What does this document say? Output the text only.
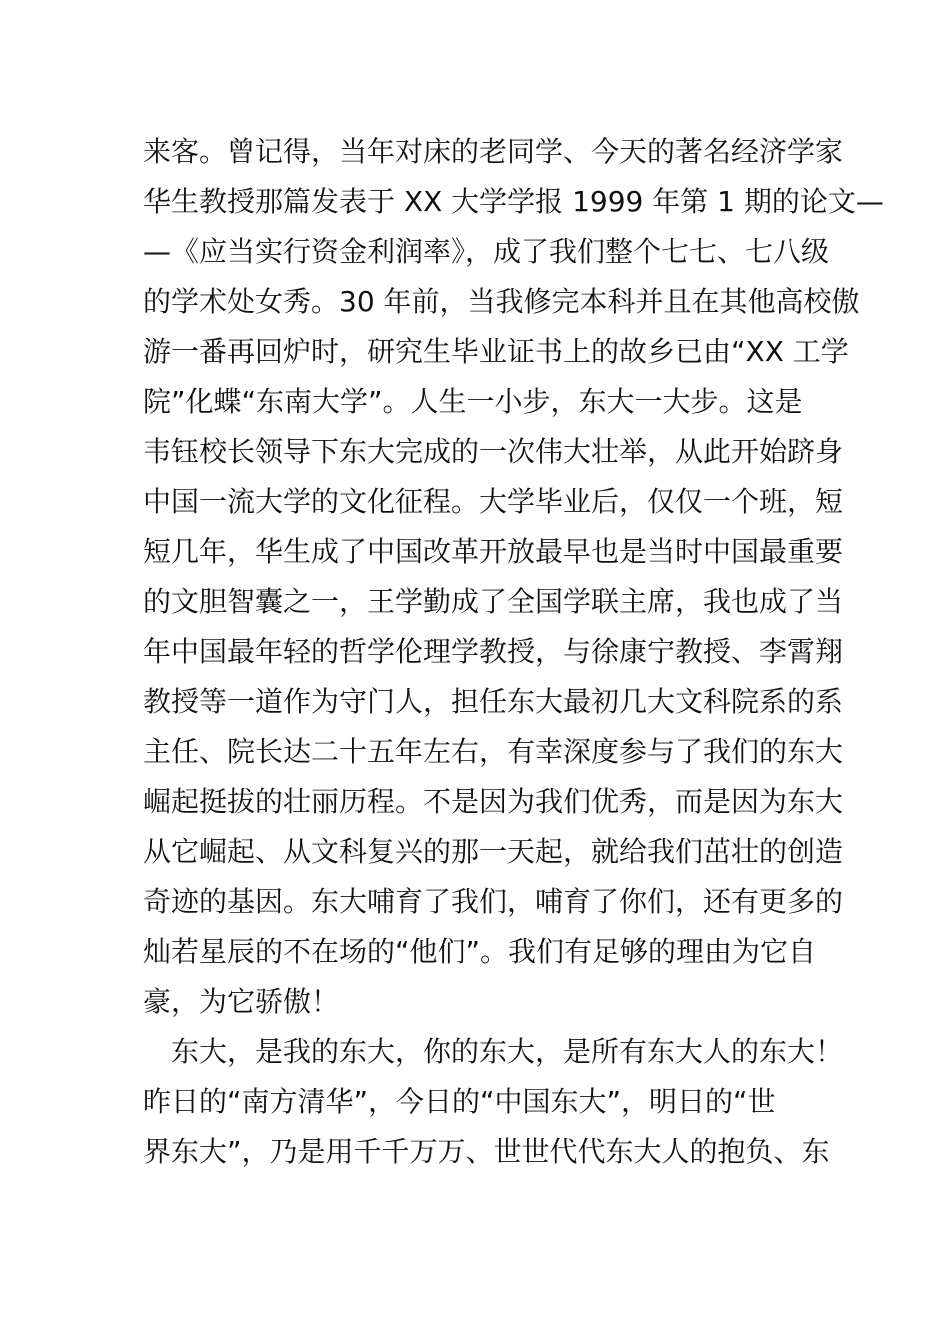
来客。曾记得，当年对床的老同学、今天的著名经济学家
华生教授那篇发表于 XX 大学学报 1999 年第 1 期的论文—
—《应当实行资金利润率》，成了我们整个七七、七八级
的学术处女秀。30 年前，当我修完本科并且在其他高校傲
游一番再回炉时，研究生毕业证书上的故乡已由“XX 工学
院”化蝶“东南大学”。人生一小步，东大一大步。这是
韦钰校长领导下东大完成的一次伟大壮举，从此开始跻身
中国一流大学的文化征程。大学毕业后，仅仅一个班，短
短几年，华生成了中国改革开放最早也是当时中国最重要
的文胆智囊之一，王学勤成了全国学联主席，我也成了当
年中国最年轻的哲学伦理学教授，与徐康宁教授、李霄翔
教授等一道作为守门人，担任东大最初几大文科院系的系
主任、院长达二十五年左右，有幸深度参与了我们的东大
崛起挺拔的壮丽历程。不是因为我们优秀，而是因为东大
从它崛起、从文科复兴的那一天起，就给我们茁壮的创造
奇迹的基因。东大哺育了我们，哺育了你们，还有更多的
灿若星辰的不在场的“他们”。我们有足够的理由为它自
豪，为它骄傲！
　东大，是我的东大，你的东大，是所有东大人的东大！
昨日的“南方清华”，今日的“中国东大”，明日的“世
界东大”，乃是用千千万万、世世代代东大人的抱负、东
